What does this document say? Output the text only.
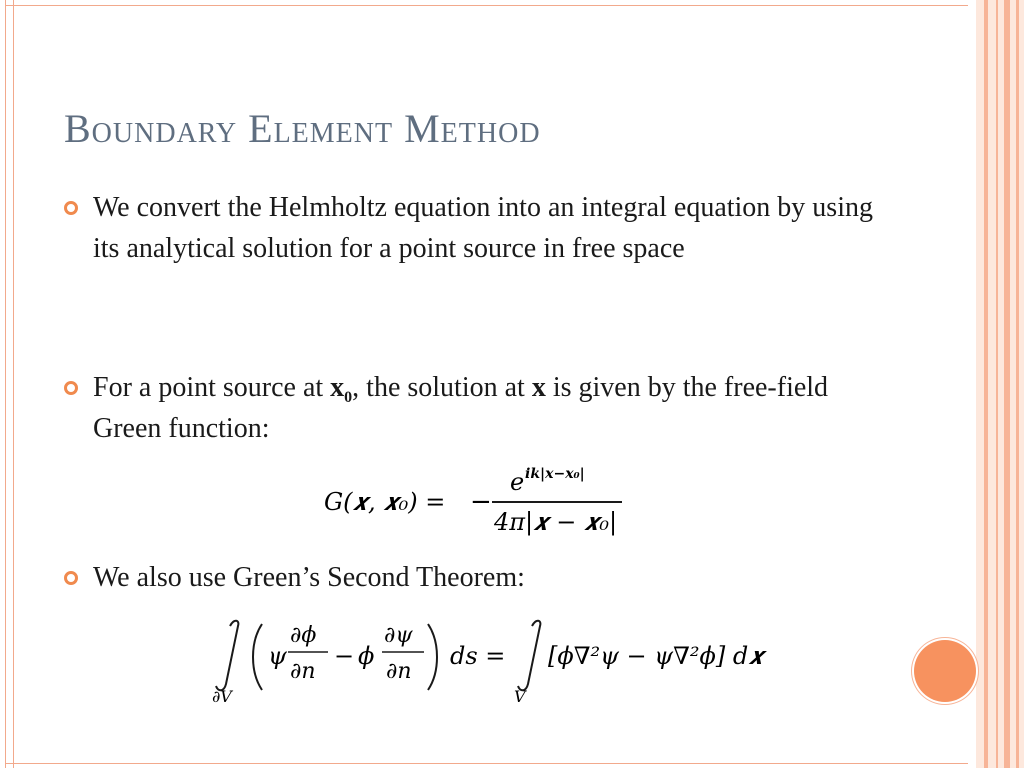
Boundary Element Method
We convert the Helmholtz equation into an integral equation by using its analytical solution for a point source in free space
For a point source at $x_0$, the solution at x is given by the free-field Green function:
G(𝒙, 𝒙₀) = −
e ik|𝒙−𝒙₀|
4π|𝒙 − 𝒙₀|
We also use Green’s Second Theorem:
∂V
ψ
∂ϕ
∂n
− ϕ
∂ψ
∂n
ds =
V
[ϕ∇²ψ − ψ∇²ϕ] d𝒙
